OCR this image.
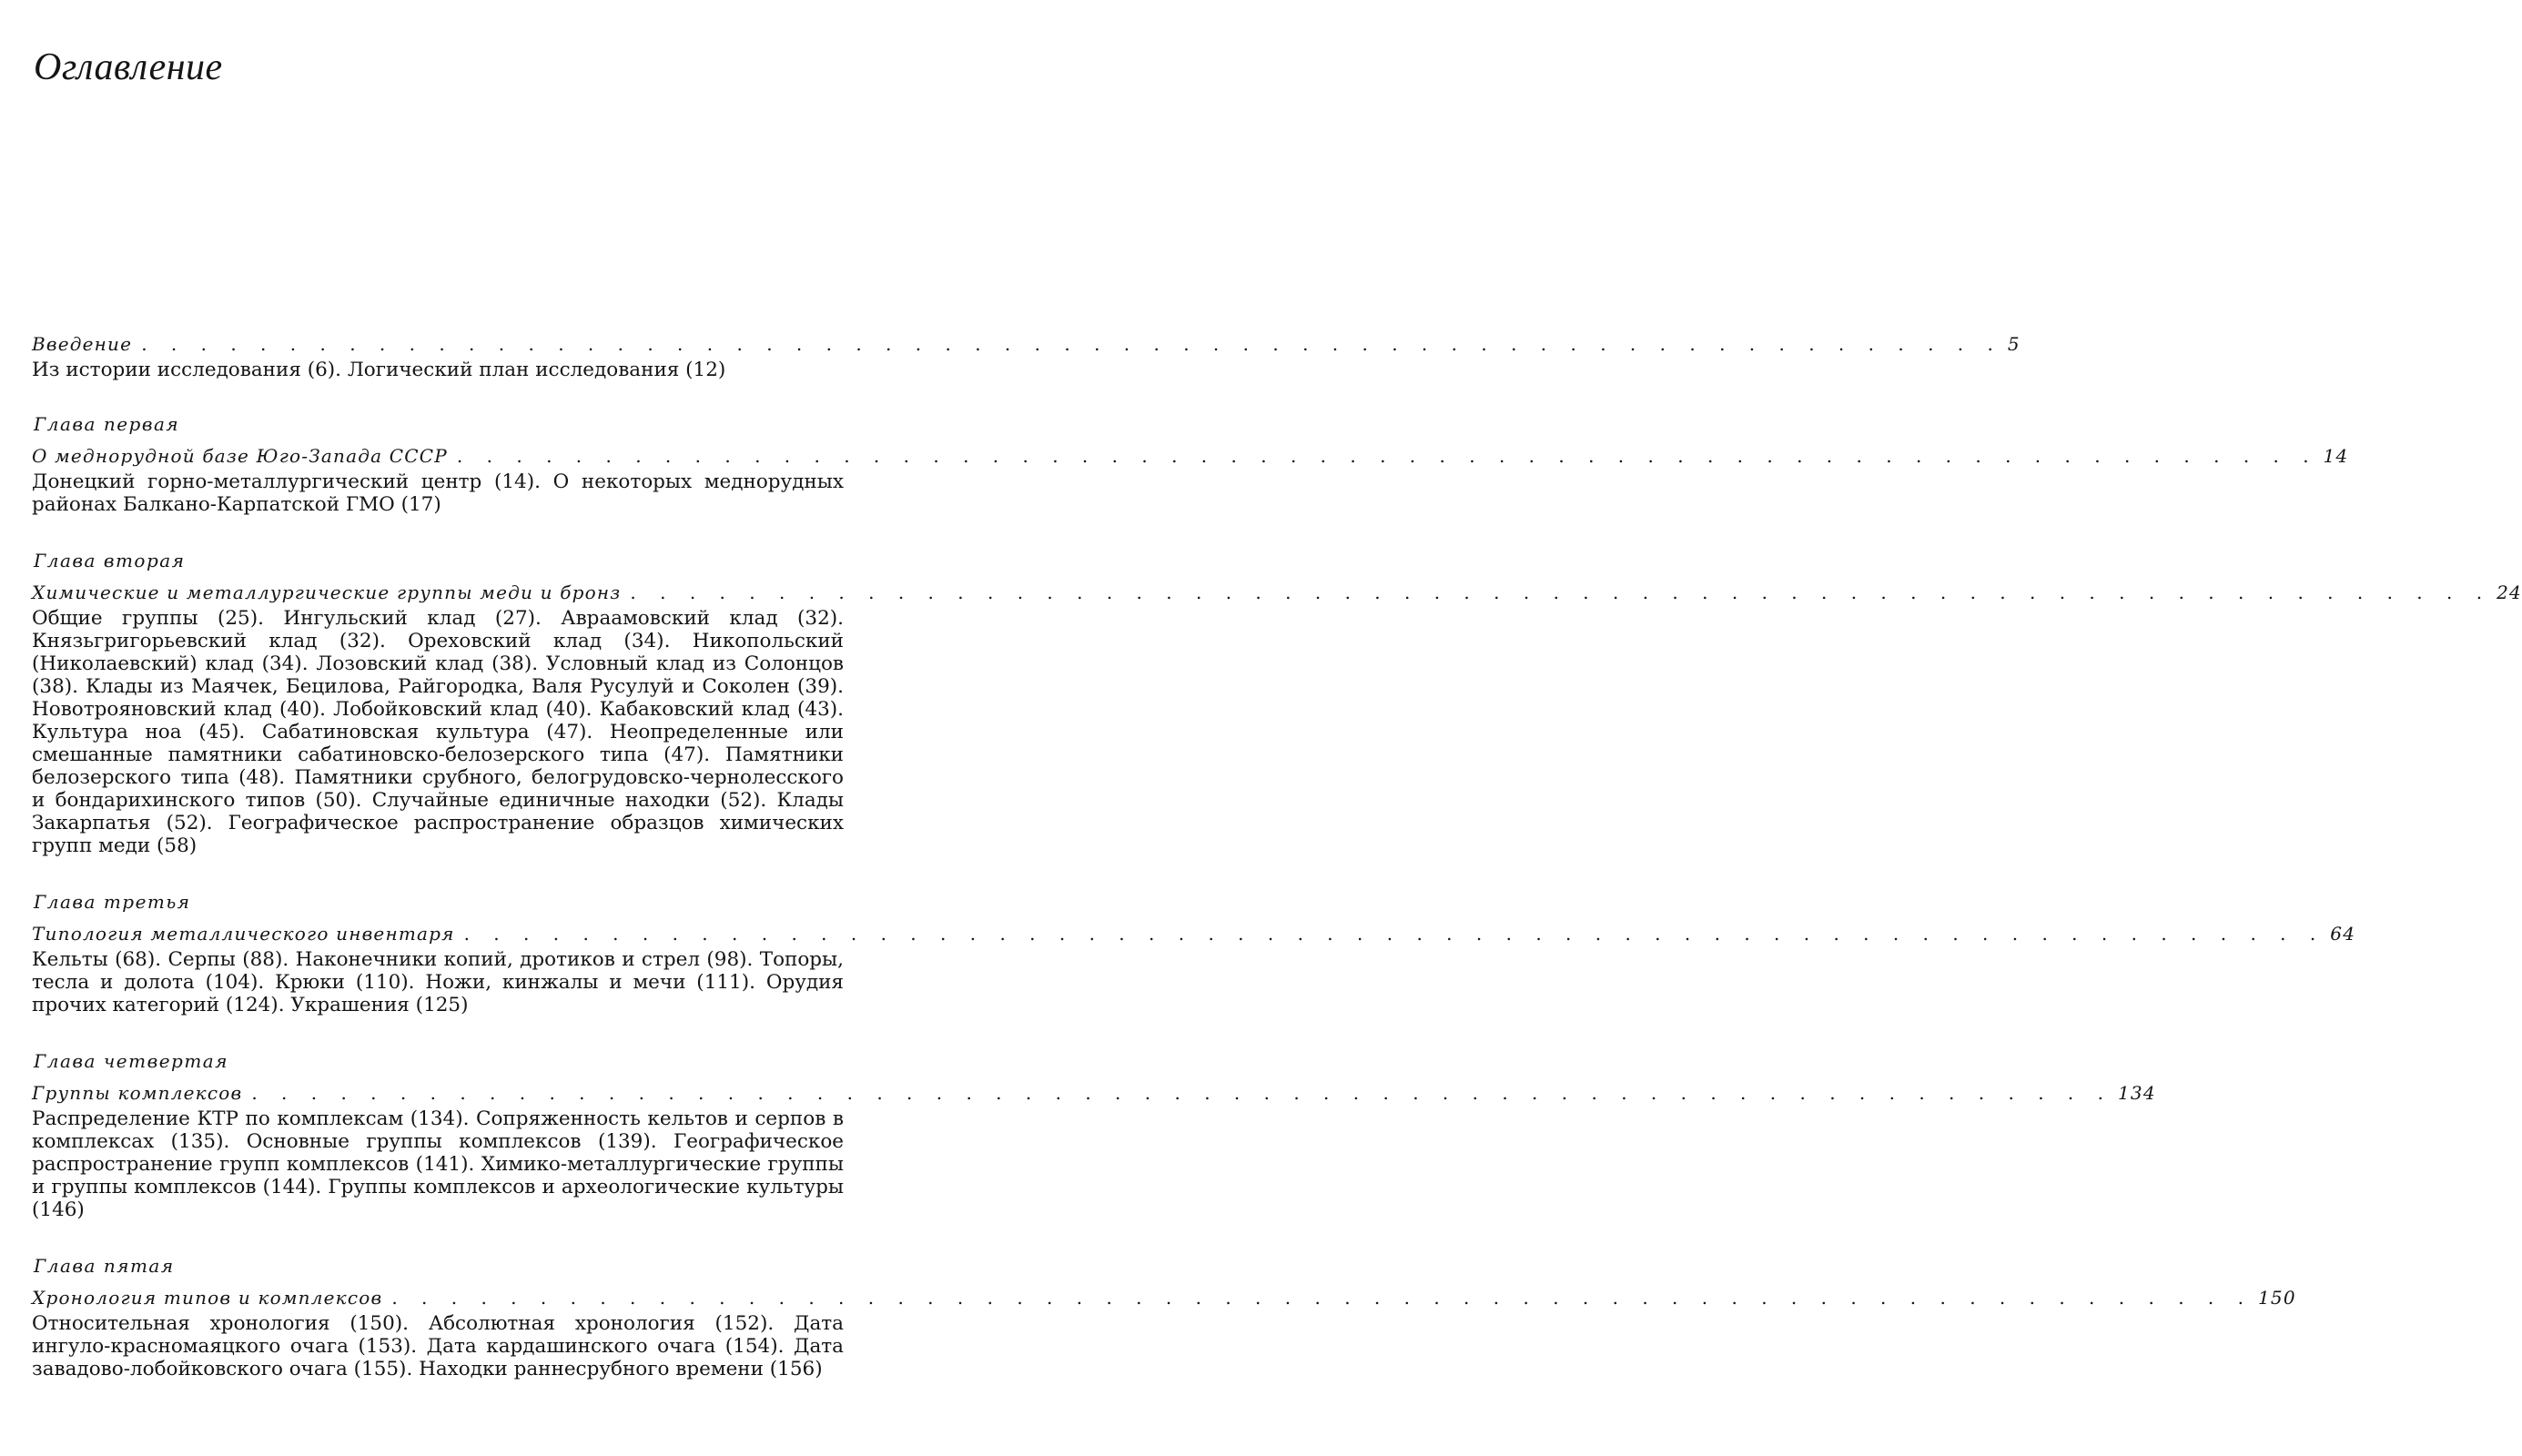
Оглавление
Введение . . . . . . . . . . . . . . . . . . . . . . . . . . . . . . . . . . . . . . . . . . . . . . . . . . . . . . . . . . . . . . . 5

Из истории исследования (6). Логический план исследования (12)

Глава первая
О меднорудной базе Юго-Запада СССР . . . . . . . . . . . . . . . . . . . . . . . . . . . . . . . . . . . . . . . . . . . . . . . . . . . . . . . . . . . . . . . 14

Донецкий горно-металлургический центр (14). О некоторых меднорудных районах Балкано-Карпатской ГМО (17)

Глава вторая
Химические и металлургические группы меди и бронз . . . . . . . . . . . . . . . . . . . . . . . . . . . . . . . . . . . . . . . . . . . . . . . . . . . . . . . . . . . . . . . 24

Общие группы (25). Ингульский клад (27). Авраамовский клад (32). Князьгригорьевский клад (32). Ореховский клад (34). Никопольский (Николаевский) клад (34). Лозовский клад (38). Условный клад из Солонцов (38). Клады из Маячек, Бецилова, Райгородка, Валя Русулуй и Соколен (39). Новотрояновский клад (40). Лобойковский клад (40). Кабаковский клад (43). Культура ноа (45). Сабатиновская культура (47). Неопределенные или смешанные памятники сабатиновско-белозерского типа (47). Памятники белозерского типа (48). Памятники срубного, белогрудовско-чернолесского и бондарихинского типов (50). Случайные единичные находки (52). Клады Закарпатья (52). Географическое распространение образцов химических групп меди (58)

Глава третья
Типология металлического инвентаря . . . . . . . . . . . . . . . . . . . . . . . . . . . . . . . . . . . . . . . . . . . . . . . . . . . . . . . . . . . . . . . 64

Кельты (68). Серпы (88). Наконечники копий, дротиков и стрел (98). Топоры, тесла и долота (104). Крюки (110). Ножи, кинжалы и мечи (111). Орудия прочих категорий (124). Украшения (125)

Глава четвертая
Группы комплексов . . . . . . . . . . . . . . . . . . . . . . . . . . . . . . . . . . . . . . . . . . . . . . . . . . . . . . . . . . . . . . . 134

Распределение КТР по комплексам (134). Сопряженность кельтов и серпов в комплексах (135). Основные группы комплексов (139). Географическое распространение групп комплексов (141). Химико-металлургические группы и группы комплексов (144). Группы комплексов и археологические культуры (146)

Глава пятая
Хронология типов и комплексов . . . . . . . . . . . . . . . . . . . . . . . . . . . . . . . . . . . . . . . . . . . . . . . . . . . . . . . . . . . . . . . 150

Относительная хронология (150). Абсолютная хронология (152). Дата ингуло-красномаяцкого очага (153). Дата кардашинского очага (154). Дата завадово-лобойковского очага (155). Находки раннесрубного времени (156)
